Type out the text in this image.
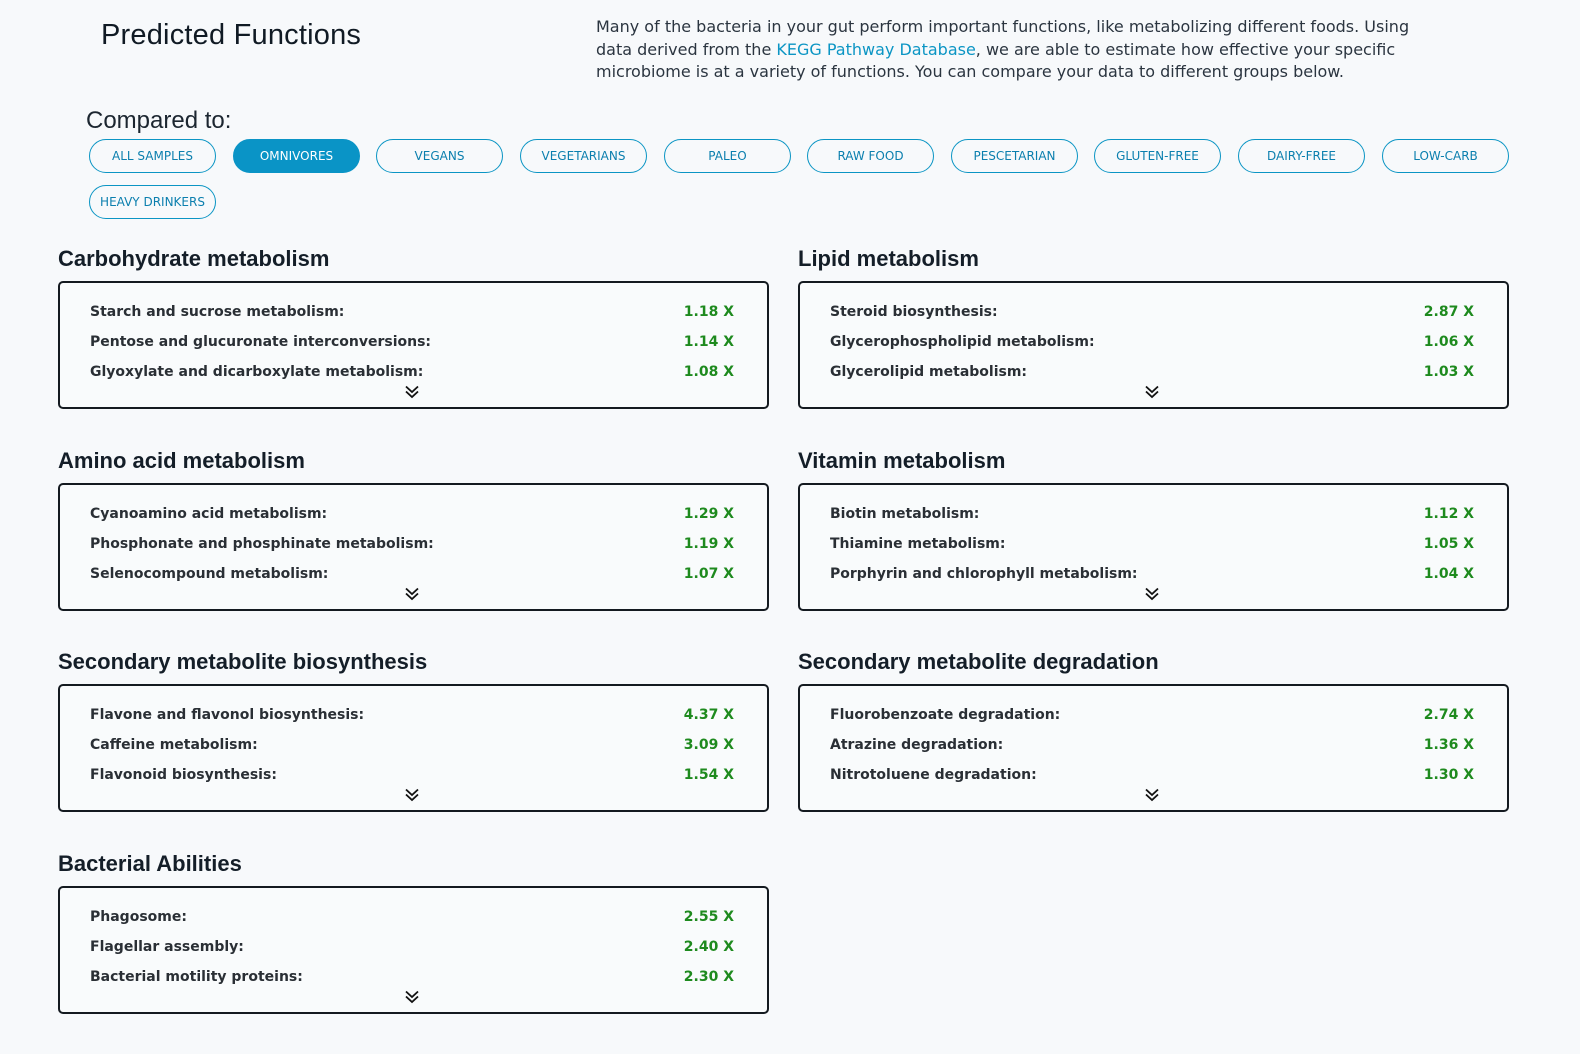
Predicted Functions	Many of the bacteria in your gut perform important functions, like metabolizing different foods. Using data derived from the KEGG Pathway Database, we are able to estimate how effective your specific microbiome is at a variety of functions. You can compare your data to different groups below.

Compared to:
ALL SAMPLES	OMNIVORES	VEGANS	VEGETARIANS	PALEO	RAW FOOD	PESCETARIAN	GLUTEN-FREE	DAIRY-FREE	LOW-CARB
HEAVY DRINKERS
Carbohydrate metabolism
Starch and sucrose metabolism:	1.18 X
Pentose and glucuronate interconversions:	1.14 X
Glyoxylate and dicarboxylate metabolism:	1.08 X
Lipid metabolism
Steroid biosynthesis:	2.87 X
Glycerophospholipid metabolism:	1.06 X
Glycerolipid metabolism:	1.03 X
Amino acid metabolism
Cyanoamino acid metabolism:	1.29 X
Phosphonate and phosphinate metabolism:	1.19 X
Selenocompound metabolism:	1.07 X
Vitamin metabolism
Biotin metabolism:	1.12 X
Thiamine metabolism:	1.05 X
Porphyrin and chlorophyll metabolism:	1.04 X
Secondary metabolite biosynthesis
Flavone and flavonol biosynthesis:	4.37 X
Caffeine metabolism:	3.09 X
Flavonoid biosynthesis:	1.54 X
Secondary metabolite degradation
Fluorobenzoate degradation:	2.74 X
Atrazine degradation:	1.36 X
Nitrotoluene degradation:	1.30 X
Bacterial Abilities
Phagosome:	2.55 X
Flagellar assembly:	2.40 X
Bacterial motility proteins:	2.30 X
